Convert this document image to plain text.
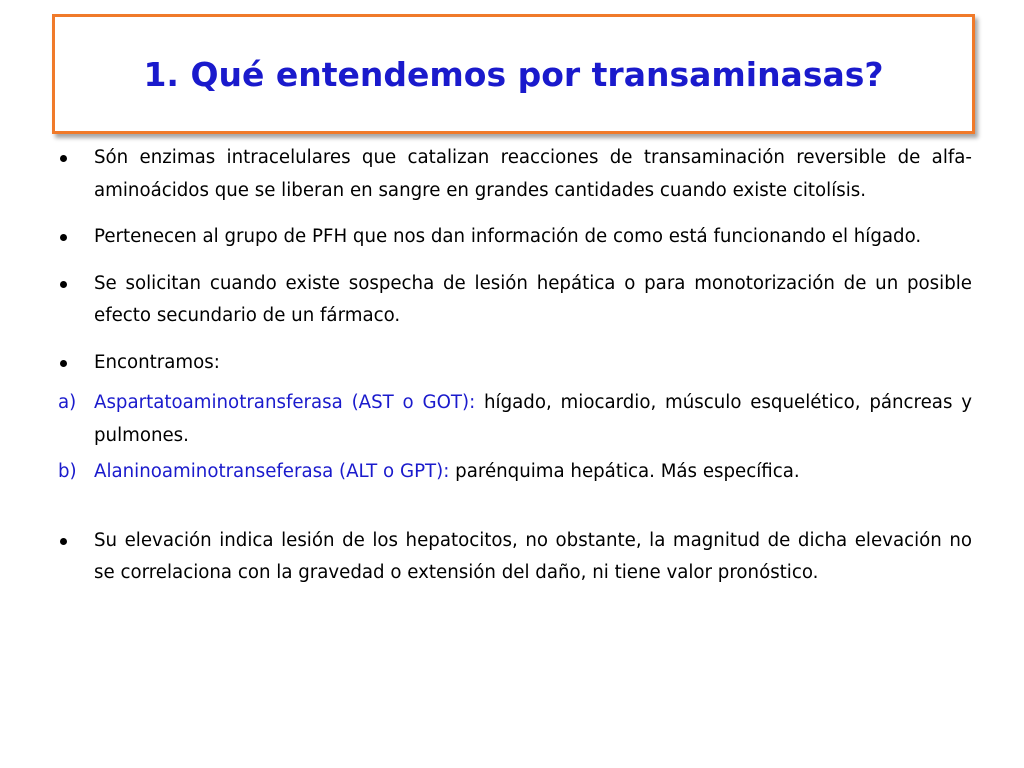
1. Qué entendemos por transaminasas?
Són enzimas intracelulares que catalizan reacciones de transaminación reversible de alfa-aminoácidos que se liberan en sangre en grandes cantidades cuando existe citolísis.
Pertenecen al grupo de PFH que nos dan información de como está funcionando el hígado.
Se solicitan cuando existe sospecha de lesión hepática o para monotorización de un posible efecto secundario de un fármaco.
Encontramos:
a) Aspartatoaminotransferasa (AST o GOT): hígado, miocardio, músculo esquelético, páncreas y pulmones.
b) Alaninoaminotranseferasa (ALT o GPT): parénquima hepática. Más específica.
Su elevación indica lesión de los hepatocitos, no obstante, la magnitud de dicha elevación no se correlaciona con la gravedad o extensión del daño, ni tiene valor pronóstico.
